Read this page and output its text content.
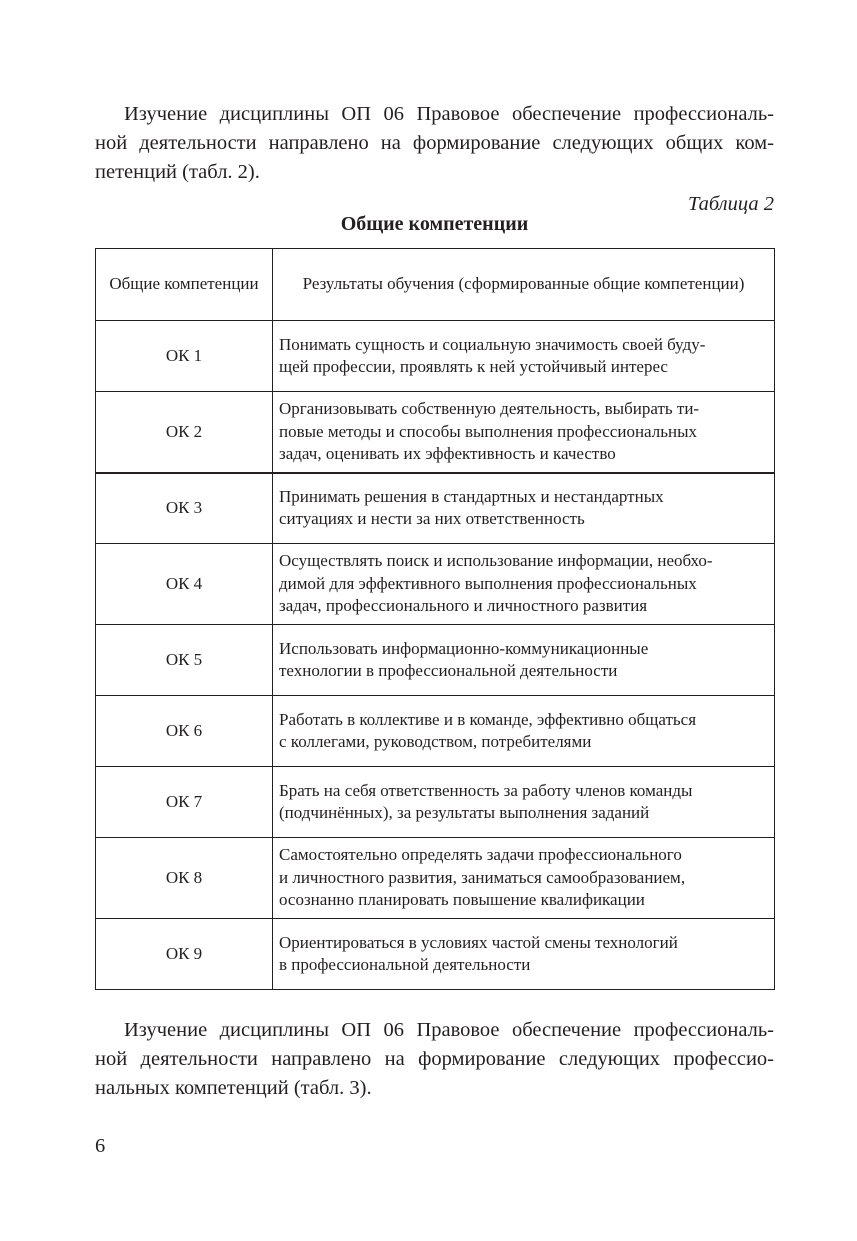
Изучение дисциплины ОП 06 Правовое обеспечение профессиональ-
ной деятельности направлено на формирование следующих общих ком-
петенций (табл. 2).

Таблица 2

Общие компетенции

Общие компетенции	Результаты обучения (сформированные общие компетенции)
ОК 1	Понимать сущность и социальную значимость своей буду-
щей профессии, проявлять к ней устойчивый интерес

ОК 2	Организовывать собственную деятельность, выбирать ти-
повые методы и способы выполнения профессиональных
задач, оценивать их эффективность и качество

ОК 3	Принимать решения в стандартных и нестандартных
ситуациях и нести за них ответственность

ОК 4	Осуществлять поиск и использование информации, необхо-
димой для эффективного выполнения профессиональных
задач, профессионального и личностного развития

ОК 5	Использовать информационно-коммуникационные
технологии в профессиональной деятельности

ОК 6	Работать в коллективе и в команде, эффективно общаться
с коллегами, руководством, потребителями

ОК 7	Брать на себя ответственность за работу членов команды
(подчинённых), за результаты выполнения заданий

ОК 8	Самостоятельно определять задачи профессионального
и личностного развития, заниматься самообразованием,
осознанно планировать повышение квалификации

ОК 9	Ориентироваться в условиях частой смены технологий
в профессиональной деятельности

Изучение дисциплины ОП 06 Правовое обеспечение профессиональ-
ной деятельности направлено на формирование следующих профессио-
нальных компетенций (табл. 3).

6
